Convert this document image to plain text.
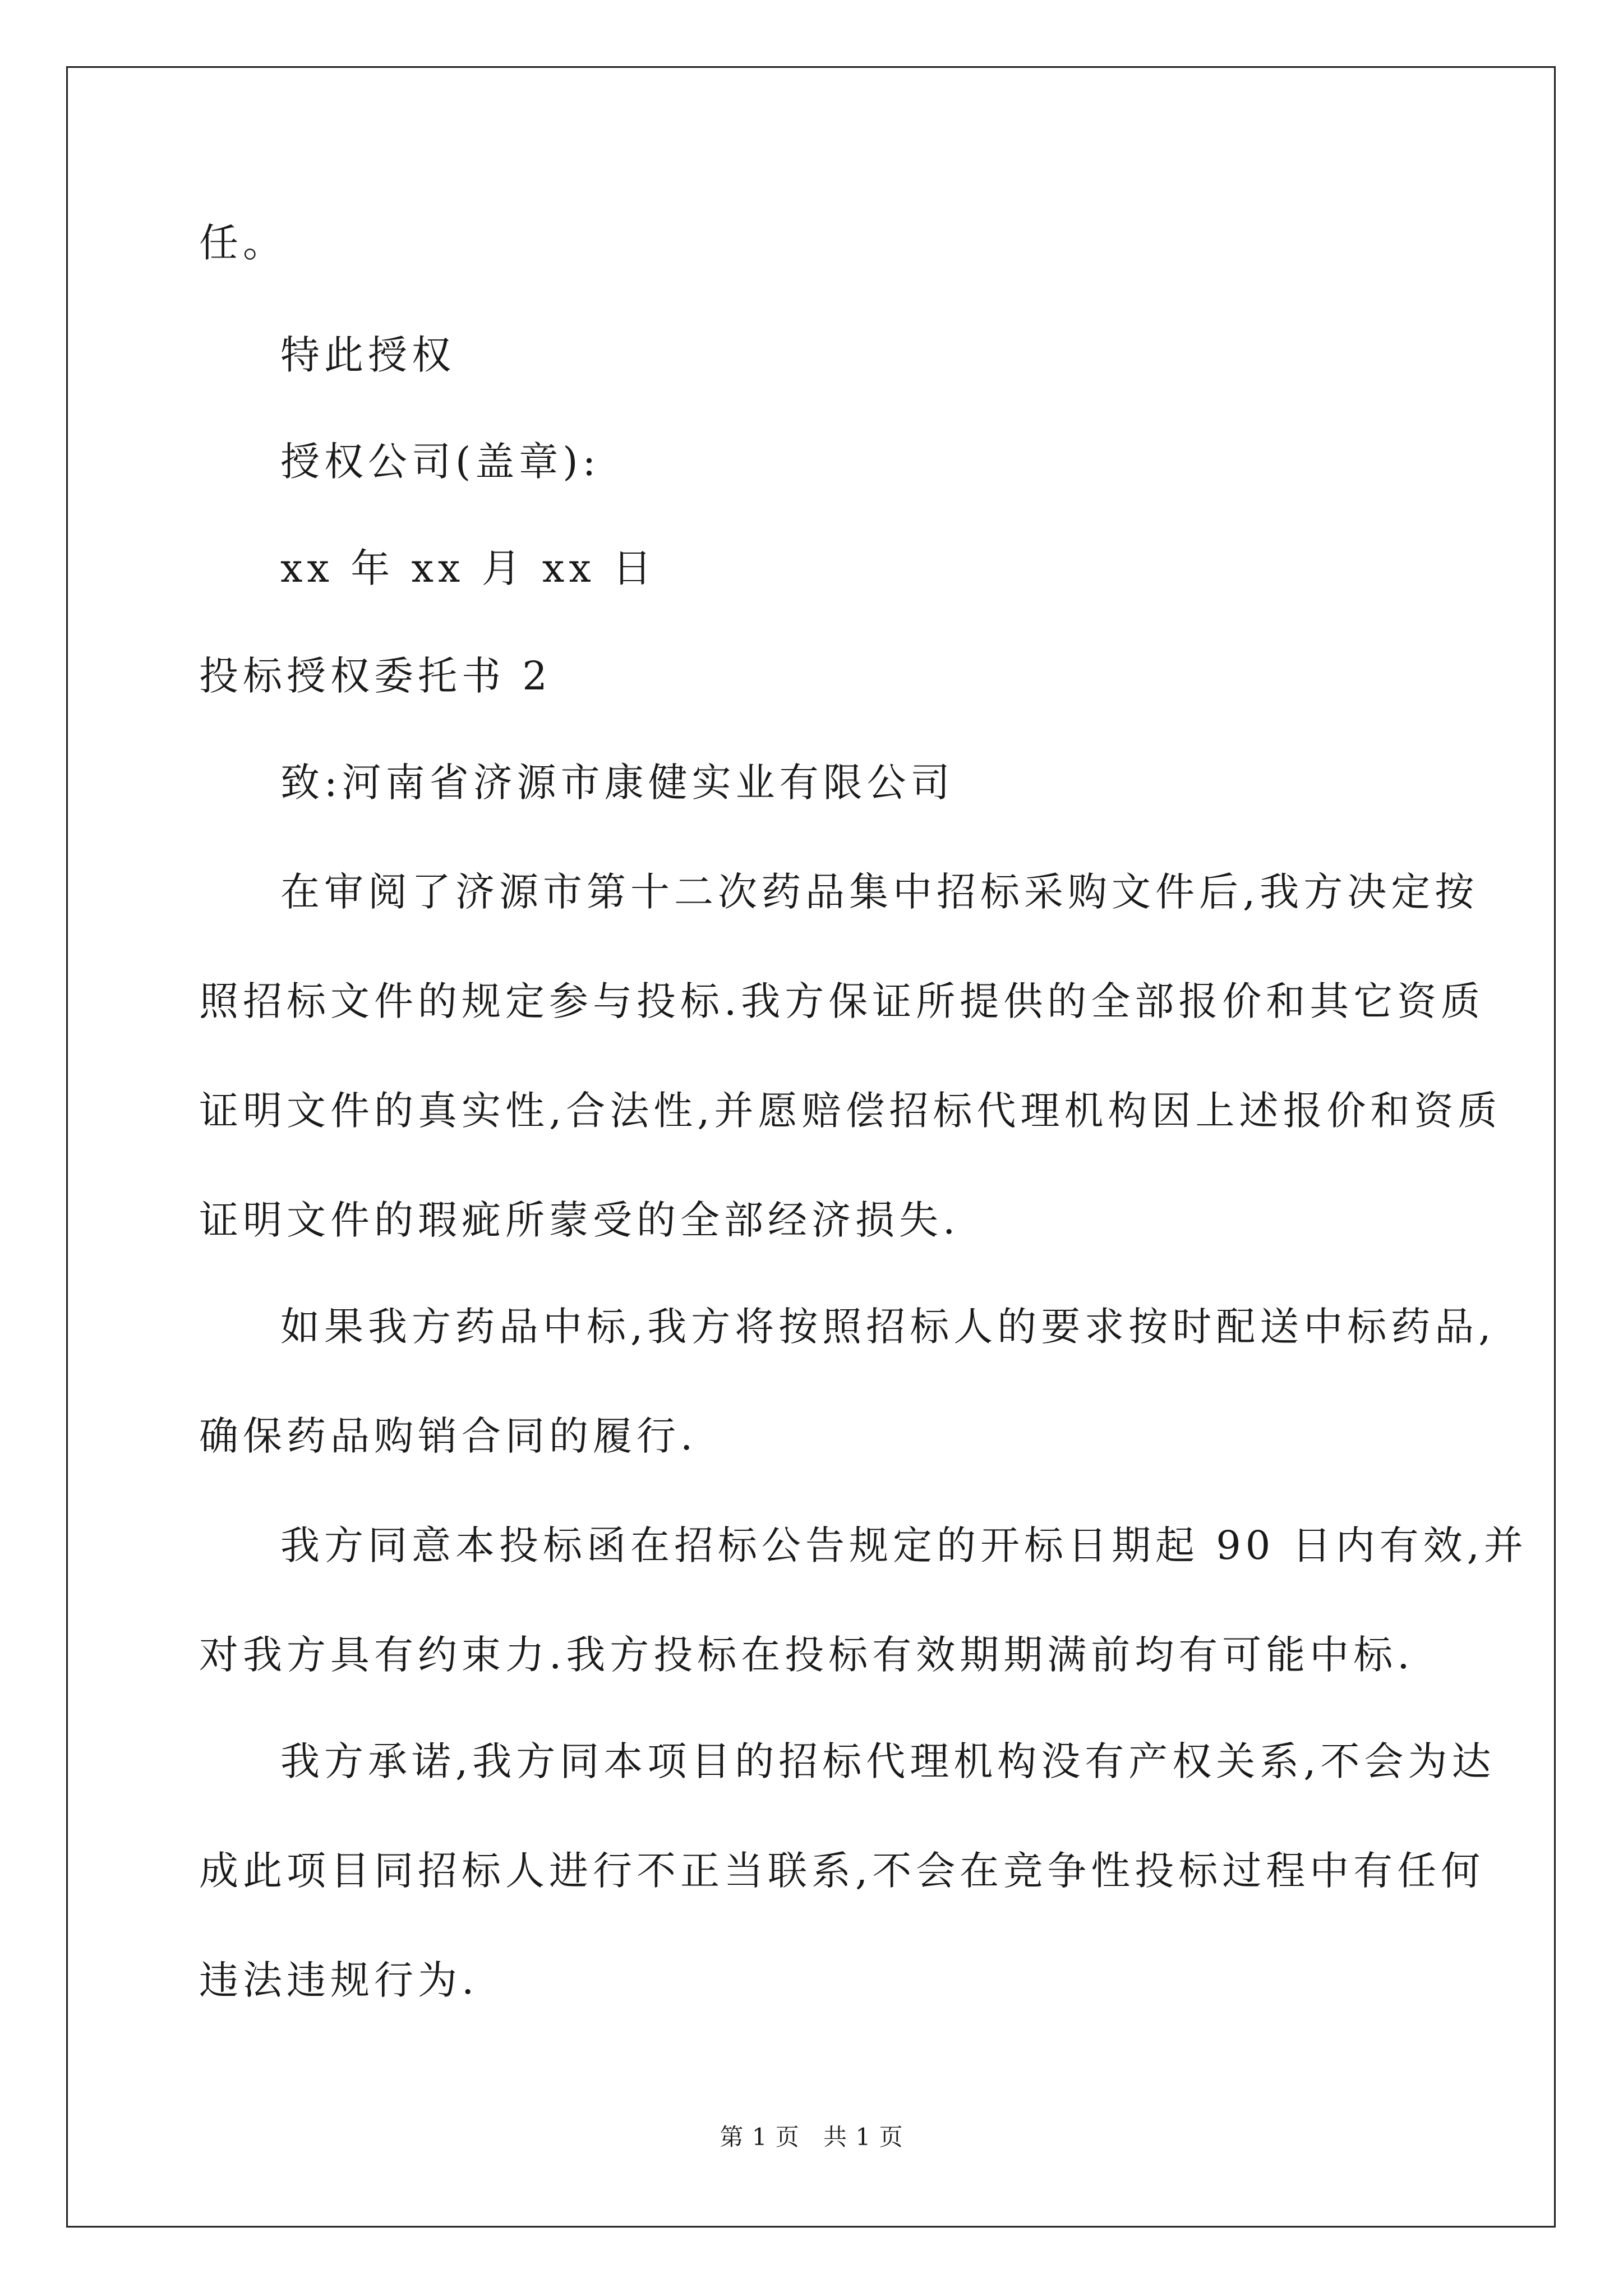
任。
特此授权
授权公司(盖章):
xx 年 xx 月 xx 日
投标授权委托书 2
致:河南省济源市康健实业有限公司
在审阅了济源市第十二次药品集中招标采购文件后,我方决定按
照招标文件的规定参与投标.我方保证所提供的全部报价和其它资质
证明文件的真实性,合法性,并愿赔偿招标代理机构因上述报价和资质
证明文件的瑕疵所蒙受的全部经济损失.
如果我方药品中标,我方将按照招标人的要求按时配送中标药品,
确保药品购销合同的履行.
我方同意本投标函在招标公告规定的开标日期起 90 日内有效,并
对我方具有约束力.我方投标在投标有效期期满前均有可能中标.
我方承诺,我方同本项目的招标代理机构没有产权关系,不会为达
成此项目同招标人进行不正当联系,不会在竞争性投标过程中有任何
违法违规行为.
第 1 页 共 1 页
